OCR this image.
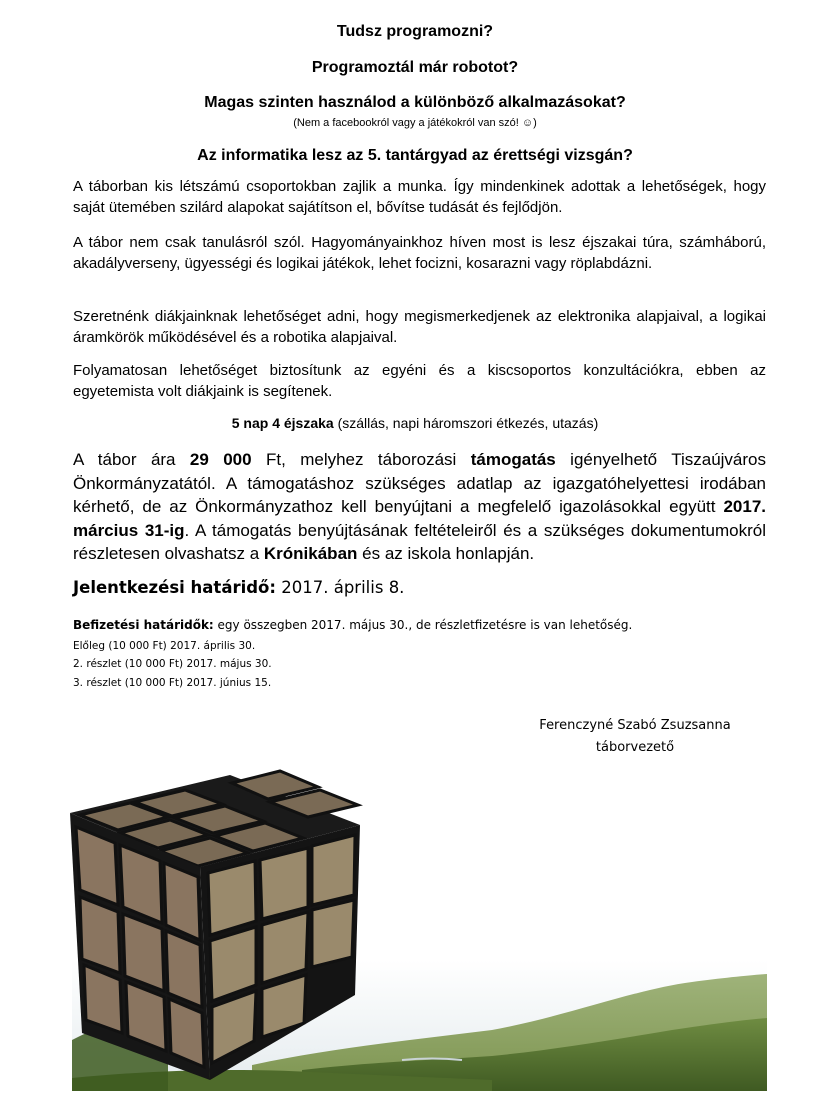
Tudsz programozni?
Programoztál már robotot?
Magas szinten használod a különböző alkalmazásokat?
(Nem a facebookról vagy a játékokról van szó! ☺)
Az informatika lesz az 5. tantárgyad az érettségi vizsgán?

A táborban kis létszámú csoportokban zajlik a munka. Így mindenkinek adottak a lehetőségek, hogy saját ütemében szilárd alapokat sajátítson el, bővítse tudását és fejlődjön.

A tábor nem csak tanulásról szól. Hagyományainkhoz híven most is lesz éjszakai túra, számháború, akadályverseny, ügyességi és logikai játékok, lehet focizni, kosarazni vagy röplabdázni.

Szeretnénk diákjainknak lehetőséget adni, hogy megismerkedjenek az elektronika alapjaival, a logikai áramkörök működésével és a robotika alapjaival.

Folyamatosan lehetőséget biztosítunk az egyéni és a kiscsoportos konzultációkra, ebben az egyetemista volt diákjaink is segítenek.

5 nap 4 éjszaka (szállás, napi háromszori étkezés, utazás)

A tábor ára 29 000 Ft, melyhez táborozási támogatás igényelhető Tiszaújváros Önkormányzatától. A támogatáshoz szükséges adatlap az igazgatóhelyettesi irodában kérhető, de az Önkormányzathoz kell benyújtani a megfelelő igazolásokkal együtt 2017. március 31-ig. A támogatás benyújtásának feltételeiről és a szükséges dokumentumokról részletesen olvashatsz a Krónikában és az iskola honlapján.

Jelentkezési határidő: 2017. április 8.
Befizetési határidők: egy összegben 2017. május 30., de részletfizetésre is van lehetőség.
Előleg (10 000 Ft) 2017. április 30.
2. részlet (10 000 Ft) 2017. május 30.
3. részlet (10 000 Ft) 2017. június 15.
Ferenczyné Szabó Zsuzsanna
táborvezető
